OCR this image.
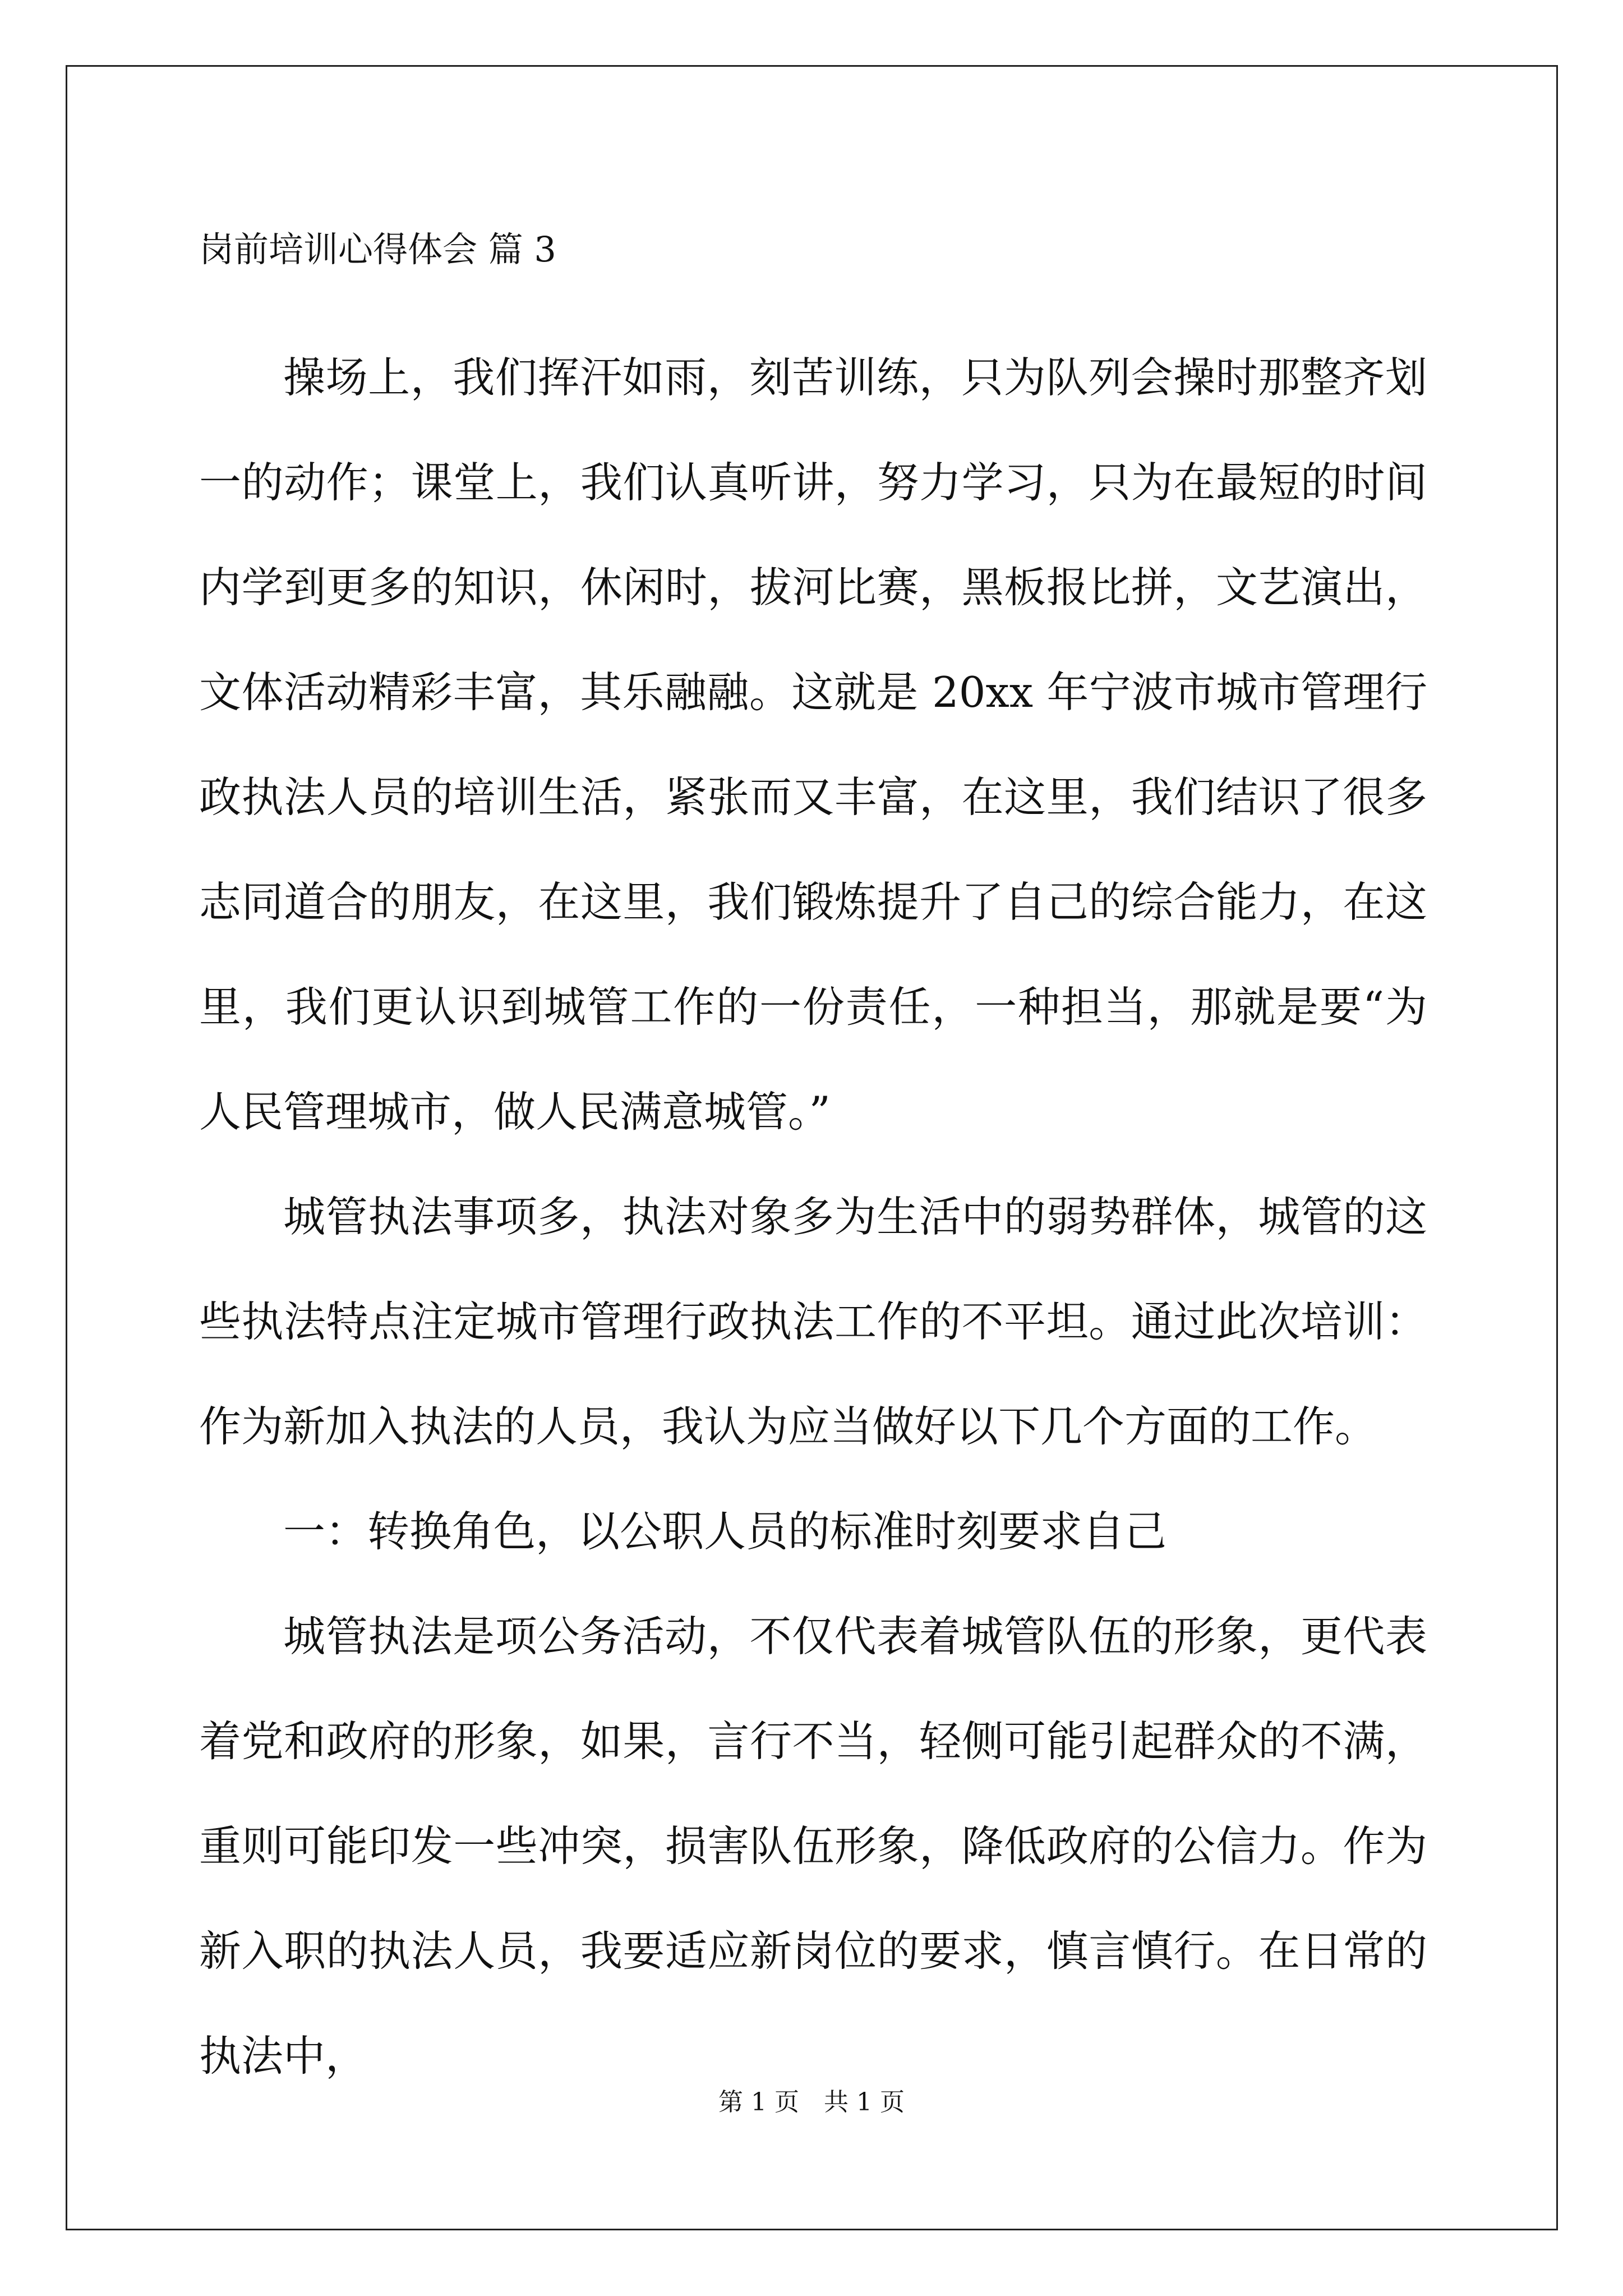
岗前培训心得体会 篇 3

操场上，我们挥汗如雨，刻苦训练，只为队列会操时那整齐划一的动作；课堂上，我们认真听讲，努力学习，只为在最短的时间内学到更多的知识，休闲时，拔河比赛，黑板报比拼，文艺演出，文体活动精彩丰富，其乐融融。这就是 20xx 年宁波市城市管理行政执法人员的培训生活，紧张而又丰富，在这里，我们结识了很多志同道合的朋友，在这里，我们锻炼提升了自己的综合能力，在这里，我们更认识到城管工作的一份责任，一种担当，那就是要“为人民管理城市，做人民满意城管。”

城管执法事项多，执法对象多为生活中的弱势群体，城管的这些执法特点注定城市管理行政执法工作的不平坦。通过此次培训：作为新加入执法的人员，我认为应当做好以下几个方面的工作。

一：转换角色，以公职人员的标准时刻要求自己

城管执法是项公务活动，不仅代表着城管队伍的形象，更代表着党和政府的形象，如果，言行不当，轻侧可能引起群众的不满，重则可能印发一些冲突，损害队伍形象，降低政府的公信力。作为新入职的执法人员，我要适应新岗位的要求，慎言慎行。在日常的执法中，

第 1 页　共 1 页
